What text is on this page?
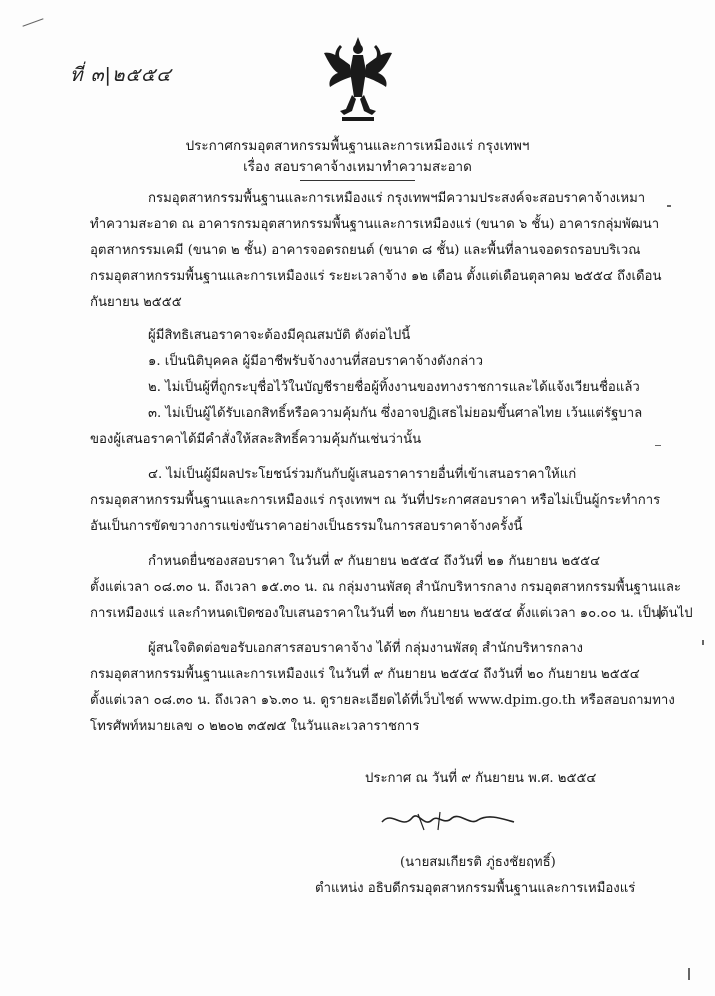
ที่ ๓|๒๕๕๔
ประกาศกรมอุตสาหกรรมพื้นฐานและการเหมืองแร่ กรุงเทพฯ
เรื่อง สอบราคาจ้างเหมาทำความสะอาด
กรมอุตสาหกรรมพื้นฐานและการเหมืองแร่ กรุงเทพฯมีความประสงค์จะสอบราคาจ้างเหมา
ทำความสะอาด ณ อาคารกรมอุตสาหกรรมพื้นฐานและการเหมืองแร่ (ขนาด ๖ ชั้น) อาคารกลุ่มพัฒนา
อุตสาหกรรมเคมี (ขนาด ๒ ชั้น) อาคารจอดรถยนต์ (ขนาด ๘ ชั้น) และพื้นที่ลานจอดรถรอบบริเวณ
กรมอุตสาหกรรมพื้นฐานและการเหมืองแร่ ระยะเวลาจ้าง ๑๒ เดือน ตั้งแต่เดือนตุลาคม ๒๕๕๔ ถึงเดือน
กันยายน ๒๕๕๕
ผู้มีสิทธิเสนอราคาจะต้องมีคุณสมบัติ ดังต่อไปนี้
๑. เป็นนิติบุคคล ผู้มีอาชีพรับจ้างงานที่สอบราคาจ้างดังกล่าว
๒. ไม่เป็นผู้ที่ถูกระบุชื่อไว้ในบัญชีรายชื่อผู้ทิ้งงานของทางราชการและได้แจ้งเวียนชื่อแล้ว
๓. ไม่เป็นผู้ได้รับเอกสิทธิ์หรือความคุ้มกัน ซึ่งอาจปฏิเสธไม่ยอมขึ้นศาลไทย เว้นแต่รัฐบาล
ของผู้เสนอราคาได้มีคำสั่งให้สละสิทธิ์ความคุ้มกันเช่นว่านั้น
๔. ไม่เป็นผู้มีผลประโยชน์ร่วมกันกับผู้เสนอราคารายอื่นที่เข้าเสนอราคาให้แก่
กรมอุตสาหกรรมพื้นฐานและการเหมืองแร่ กรุงเทพฯ ณ วันที่ประกาศสอบราคา หรือไม่เป็นผู้กระทำการ
อันเป็นการขัดขวางการแข่งขันราคาอย่างเป็นธรรมในการสอบราคาจ้างครั้งนี้
กำหนดยื่นซองสอบราคา ในวันที่ ๙ กันยายน ๒๕๕๔ ถึงวันที่ ๒๑ กันยายน ๒๕๕๔
ตั้งแต่เวลา ๐๘.๓๐ น. ถึงเวลา ๑๕.๓๐ น. ณ กลุ่มงานพัสดุ สำนักบริหารกลาง กรมอุตสาหกรรมพื้นฐานและ
การเหมืองแร่ และกำหนดเปิดซองใบเสนอราคาในวันที่ ๒๓ กันยายน ๒๕๕๔ ตั้งแต่เวลา ๑๐.๐๐ น. เป็นต้นไป
ผู้สนใจติดต่อขอรับเอกสารสอบราคาจ้าง ได้ที่ กลุ่มงานพัสดุ สำนักบริหารกลาง
กรมอุตสาหกรรมพื้นฐานและการเหมืองแร่ ในวันที่ ๙ กันยายน ๒๕๕๔ ถึงวันที่ ๒๐ กันยายน ๒๕๕๔
ตั้งแต่เวลา ๐๘.๓๐ น. ถึงเวลา ๑๖.๓๐ น. ดูรายละเอียดได้ที่เว็บไซต์ www.dpim.go.th หรือสอบถามทาง
โทรศัพท์หมายเลข ๐ ๒๒๐๒ ๓๕๗๕ ในวันและเวลาราชการ
ประกาศ ณ วันที่ ๙ กันยายน พ.ศ. ๒๕๕๔
(นายสมเกียรติ ภู่ธงชัยฤทธิ์)
ตำแหน่ง อธิบดีกรมอุตสาหกรรมพื้นฐานและการเหมืองแร่
